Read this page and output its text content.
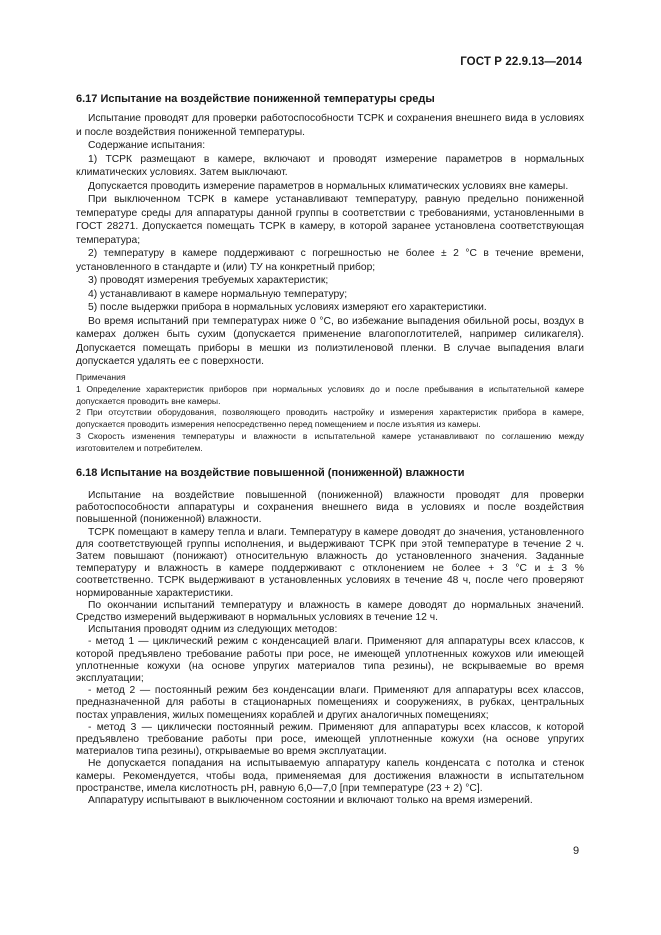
ГОСТ Р 22.9.13—2014
6.17 Испытание на воздействие пониженной температуры среды

Испытание проводят для проверки работоспособности ТСРК и сохранения внешнего вида в условиях и после воздействия пониженной температуры.

Содержание испытания:

1) ТСРК размещают в камере, включают и проводят измерение параметров в нормальных климатических условиях. Затем выключают.

Допускается проводить измерение параметров в нормальных климатических условиях вне камеры.

При выключенном ТСРК в камере устанавливают температуру, равную предельно пониженной температуре среды для аппаратуры данной группы в соответствии с требованиями, установленными в ГОСТ 28271. Допускается помещать ТСРК в камеру, в которой заранее установлена соответствующая температура;

2) температуру в камере поддерживают с погрешностью не более ± 2 °С в течение времени, установленного в стандарте и (или) ТУ на конкретный прибор;

3) проводят измерения требуемых характеристик;

4) устанавливают в камере нормальную температуру;

5) после выдержки прибора в нормальных условиях измеряют его характеристики.

Во время испытаний при температурах ниже 0 °С, во избежание выпадения обильной росы, воздух в камерах должен быть сухим (допускается применение влагопоглотителей, например силикагеля). Допускается помещать приборы в мешки из полиэтиленовой пленки. В случае выпадения влаги допускается удалять ее с поверхности.

Примечания

1 Определение характеристик приборов при нормальных условиях до и после пребывания в испытательной камере допускается проводить вне камеры.

2 При отсутствии оборудования, позволяющего проводить настройку и измерения характеристик прибора в камере, допускается проводить измерения непосредственно перед помещением и после изъятия из камеры.

3 Скорость изменения температуры и влажности в испытательной камере устанавливают по соглашению между изготовителем и потребителем.

6.18 Испытание на воздействие повышенной (пониженной) влажности

Испытание на воздействие повышенной (пониженной) влажности проводят для проверки работоспособности аппаратуры и сохранения внешнего вида в условиях и после воздействия повышенной (пониженной) влажности.

ТСРК помещают в камеру тепла и влаги. Температуру в камере доводят до значения, установленного для соответствующей группы исполнения, и выдерживают ТСРК при этой температуре в течение 2 ч. Затем повышают (понижают) относительную влажность до установленного значения. Заданные температуру и влажность в камере поддерживают с отклонением не более + 3 °С и ± 3 % соответственно. ТСРК выдерживают в установленных условиях в течение 48 ч, после чего проверяют нормированные характеристики.

По окончании испытаний температуру и влажность в камере доводят до нормальных значений. Средство измерений выдерживают в нормальных условиях в течение 12 ч.

Испытания проводят одним из следующих методов:

- метод 1 — циклический режим с конденсацией влаги. Применяют для аппаратуры всех классов, к которой предъявлено требование работы при росе, не имеющей уплотненных кожухов или имеющей уплотненные кожухи (на основе упругих материалов типа резины), не вскрываемые во время эксплуатации;

- метод 2 — постоянный режим без конденсации влаги. Применяют для аппаратуры всех классов, предназначенной для работы в стационарных помещениях и сооружениях, в рубках, центральных постах управления, жилых помещениях кораблей и других аналогичных помещениях;

- метод 3 — циклически постоянный режим. Применяют для аппаратуры всех классов, к которой предъявлено требование работы при росе, имеющей уплотненные кожухи (на основе упругих материалов типа резины), открываемые во время эксплуатации.

Не допускается попадания на испытываемую аппаратуру капель конденсата с потолка и стенок камеры. Рекомендуется, чтобы вода, применяемая для достижения влажности в испытательном пространстве, имела кислотность рН, равную 6,0—7,0 [при температуре (23 + 2) °С].

Аппаратуру испытывают в выключенном состоянии и включают только на время измерений.

9
